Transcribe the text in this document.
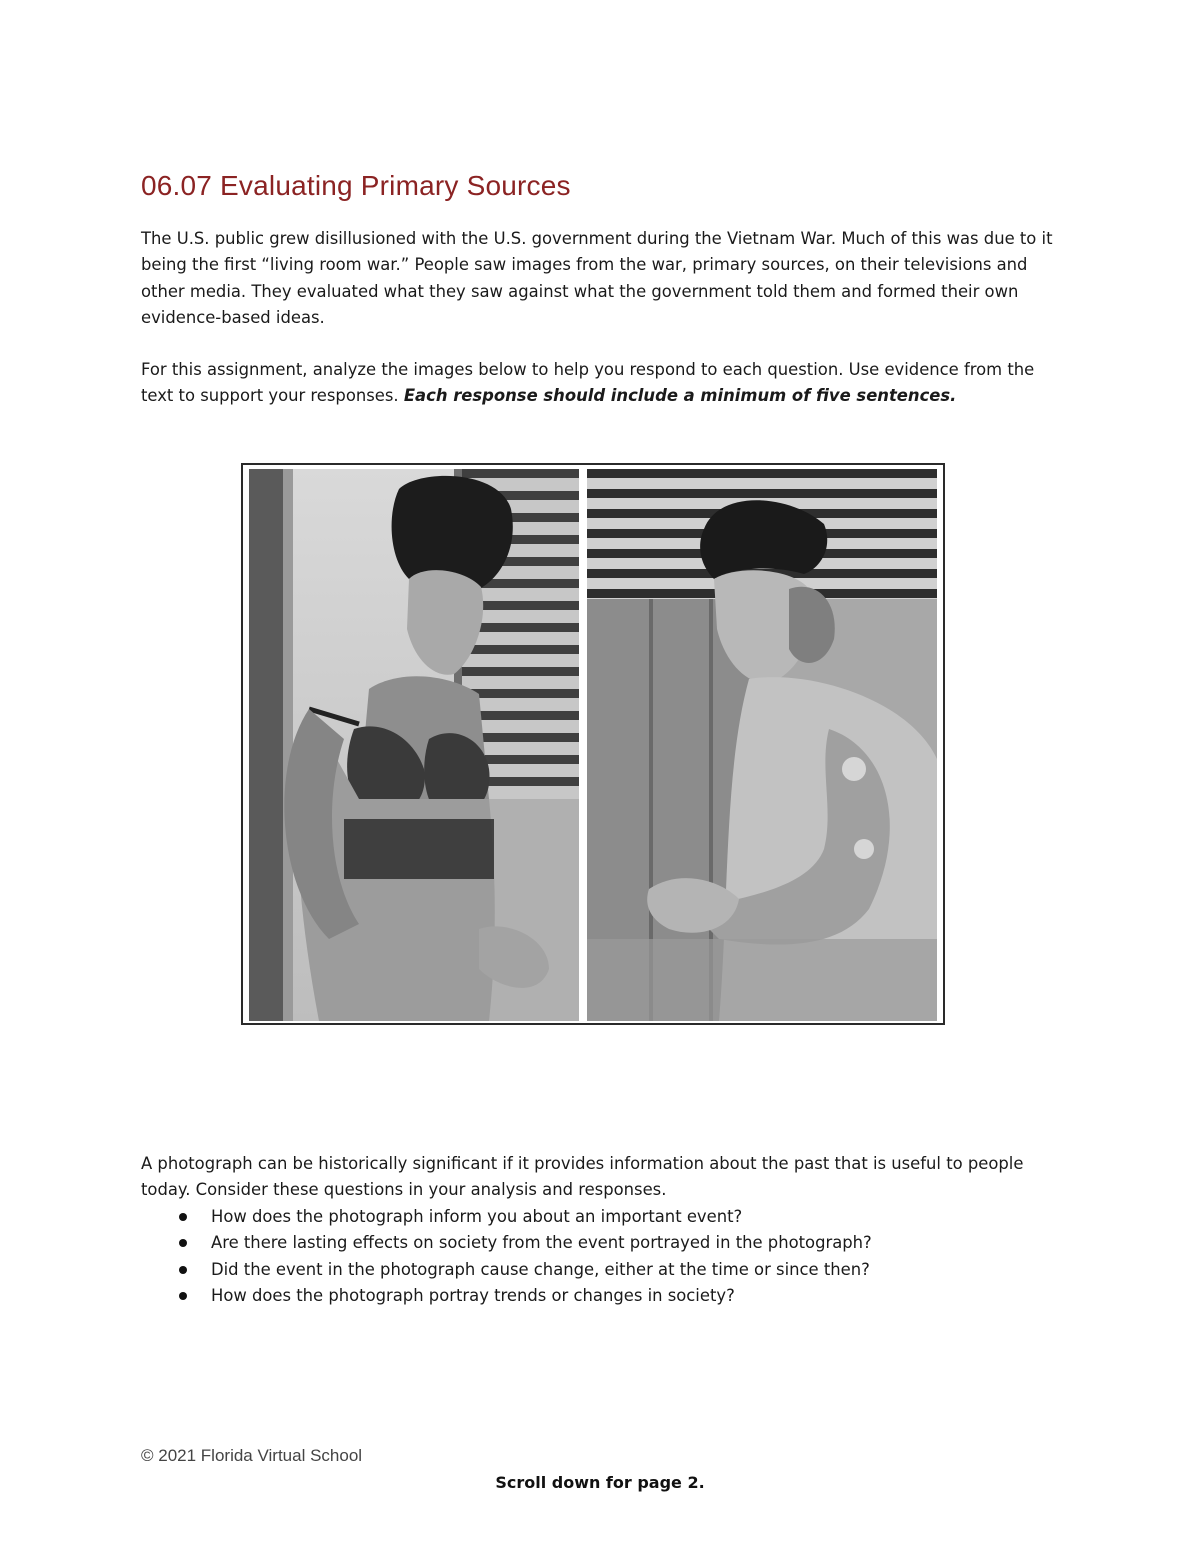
06.07 Evaluating Primary Sources

The U.S. public grew disillusioned with the U.S. government during the Vietnam War. Much of this was due to it being the first “living room war.” People saw images from the war, primary sources, on their televisions and other media. They evaluated what they saw against what the government told them and formed their own evidence-based ideas.

For this assignment, analyze the images below to help you respond to each question. Use evidence from the text to support your responses. Each response should include a minimum of five sentences.

A photograph can be historically significant if it provides information about the past that is useful to people today. Consider these questions in your analysis and responses.

How does the photograph inform you about an important event?
Are there lasting effects on society from the event portrayed in the photograph?
Did the event in the photograph cause change, either at the time or since then?
How does the photograph portray trends or changes in society?
© 2021 Florida Virtual School
Scroll down for page 2.
